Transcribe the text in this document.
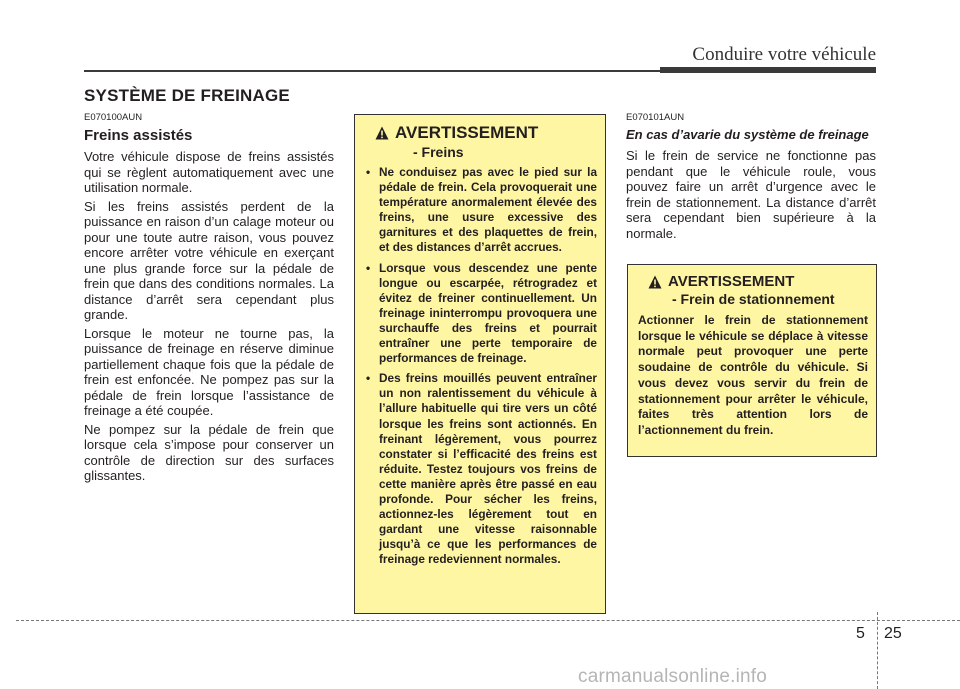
Conduire votre véhicule
SYSTÈME DE FREINAGE
E070100AUN
Freins assistés

Votre véhicule dispose de freins assistés qui se règlent automatiquement avec une utilisation normale.

Si les freins assistés perdent de la puissance en raison d’un calage moteur ou pour une toute autre raison, vous pouvez encore arrêter votre véhicule en exerçant une plus grande force sur la pédale de frein que dans des conditions normales. La distance d’arrêt sera cependant plus grande.

Lorsque le moteur ne tourne pas, la puissance de freinage en réserve diminue partiellement chaque fois que la pédale de frein est enfoncée. Ne pompez pas sur la pédale de frein lorsque l’assistance de freinage a été coupée.

Ne pompez sur la pédale de frein que lorsque cela s’impose pour conserver un contrôle de direction sur des surfaces glissantes.

AVERTISSEMENT
- Freins
• Ne conduisez pas avec le pied sur la pédale de frein. Cela provoquerait une température anormalement élevée des freins, une usure excessive des garnitures et des plaquettes de frein, et des distances d’arrêt accrues.
• Lorsque vous descendez une pente longue ou escarpée, rétrogradez et évitez de freiner continuellement. Un freinage ininterrompu provoquera une surchauffe des freins et pourrait entraîner une perte temporaire de performances de freinage.
• Des freins mouillés peuvent entraîner un non ralentissement du véhicule à l’allure habituelle qui tire vers un côté lorsque les freins sont actionnés. En freinant légèrement, vous pourrez constater si l’efficacité des freins est réduite. Testez toujours vos freins de cette manière après être passé en eau profonde. Pour sécher les freins, actionnez-les légèrement tout en gardant une vitesse raisonnable jusqu’à ce que les performances de freinage redeviennent normales.
E070101AUN
En cas d’avarie du système de freinage

Si le frein de service ne fonctionne pas pendant que le véhicule roule, vous pouvez faire un arrêt d’urgence avec le frein de stationnement. La distance d’arrêt sera cependant bien supérieure à la normale.

AVERTISSEMENT
- Frein de stationnement

Actionner le frein de stationnement lorsque le véhicule se déplace à vitesse normale peut provoquer une perte soudaine de contrôle du véhicule. Si vous devez vous servir du frein de stationnement pour arrêter le véhicule, faites très attention lors de l’actionnement du frein.

5 25
carmanualsonline.info
